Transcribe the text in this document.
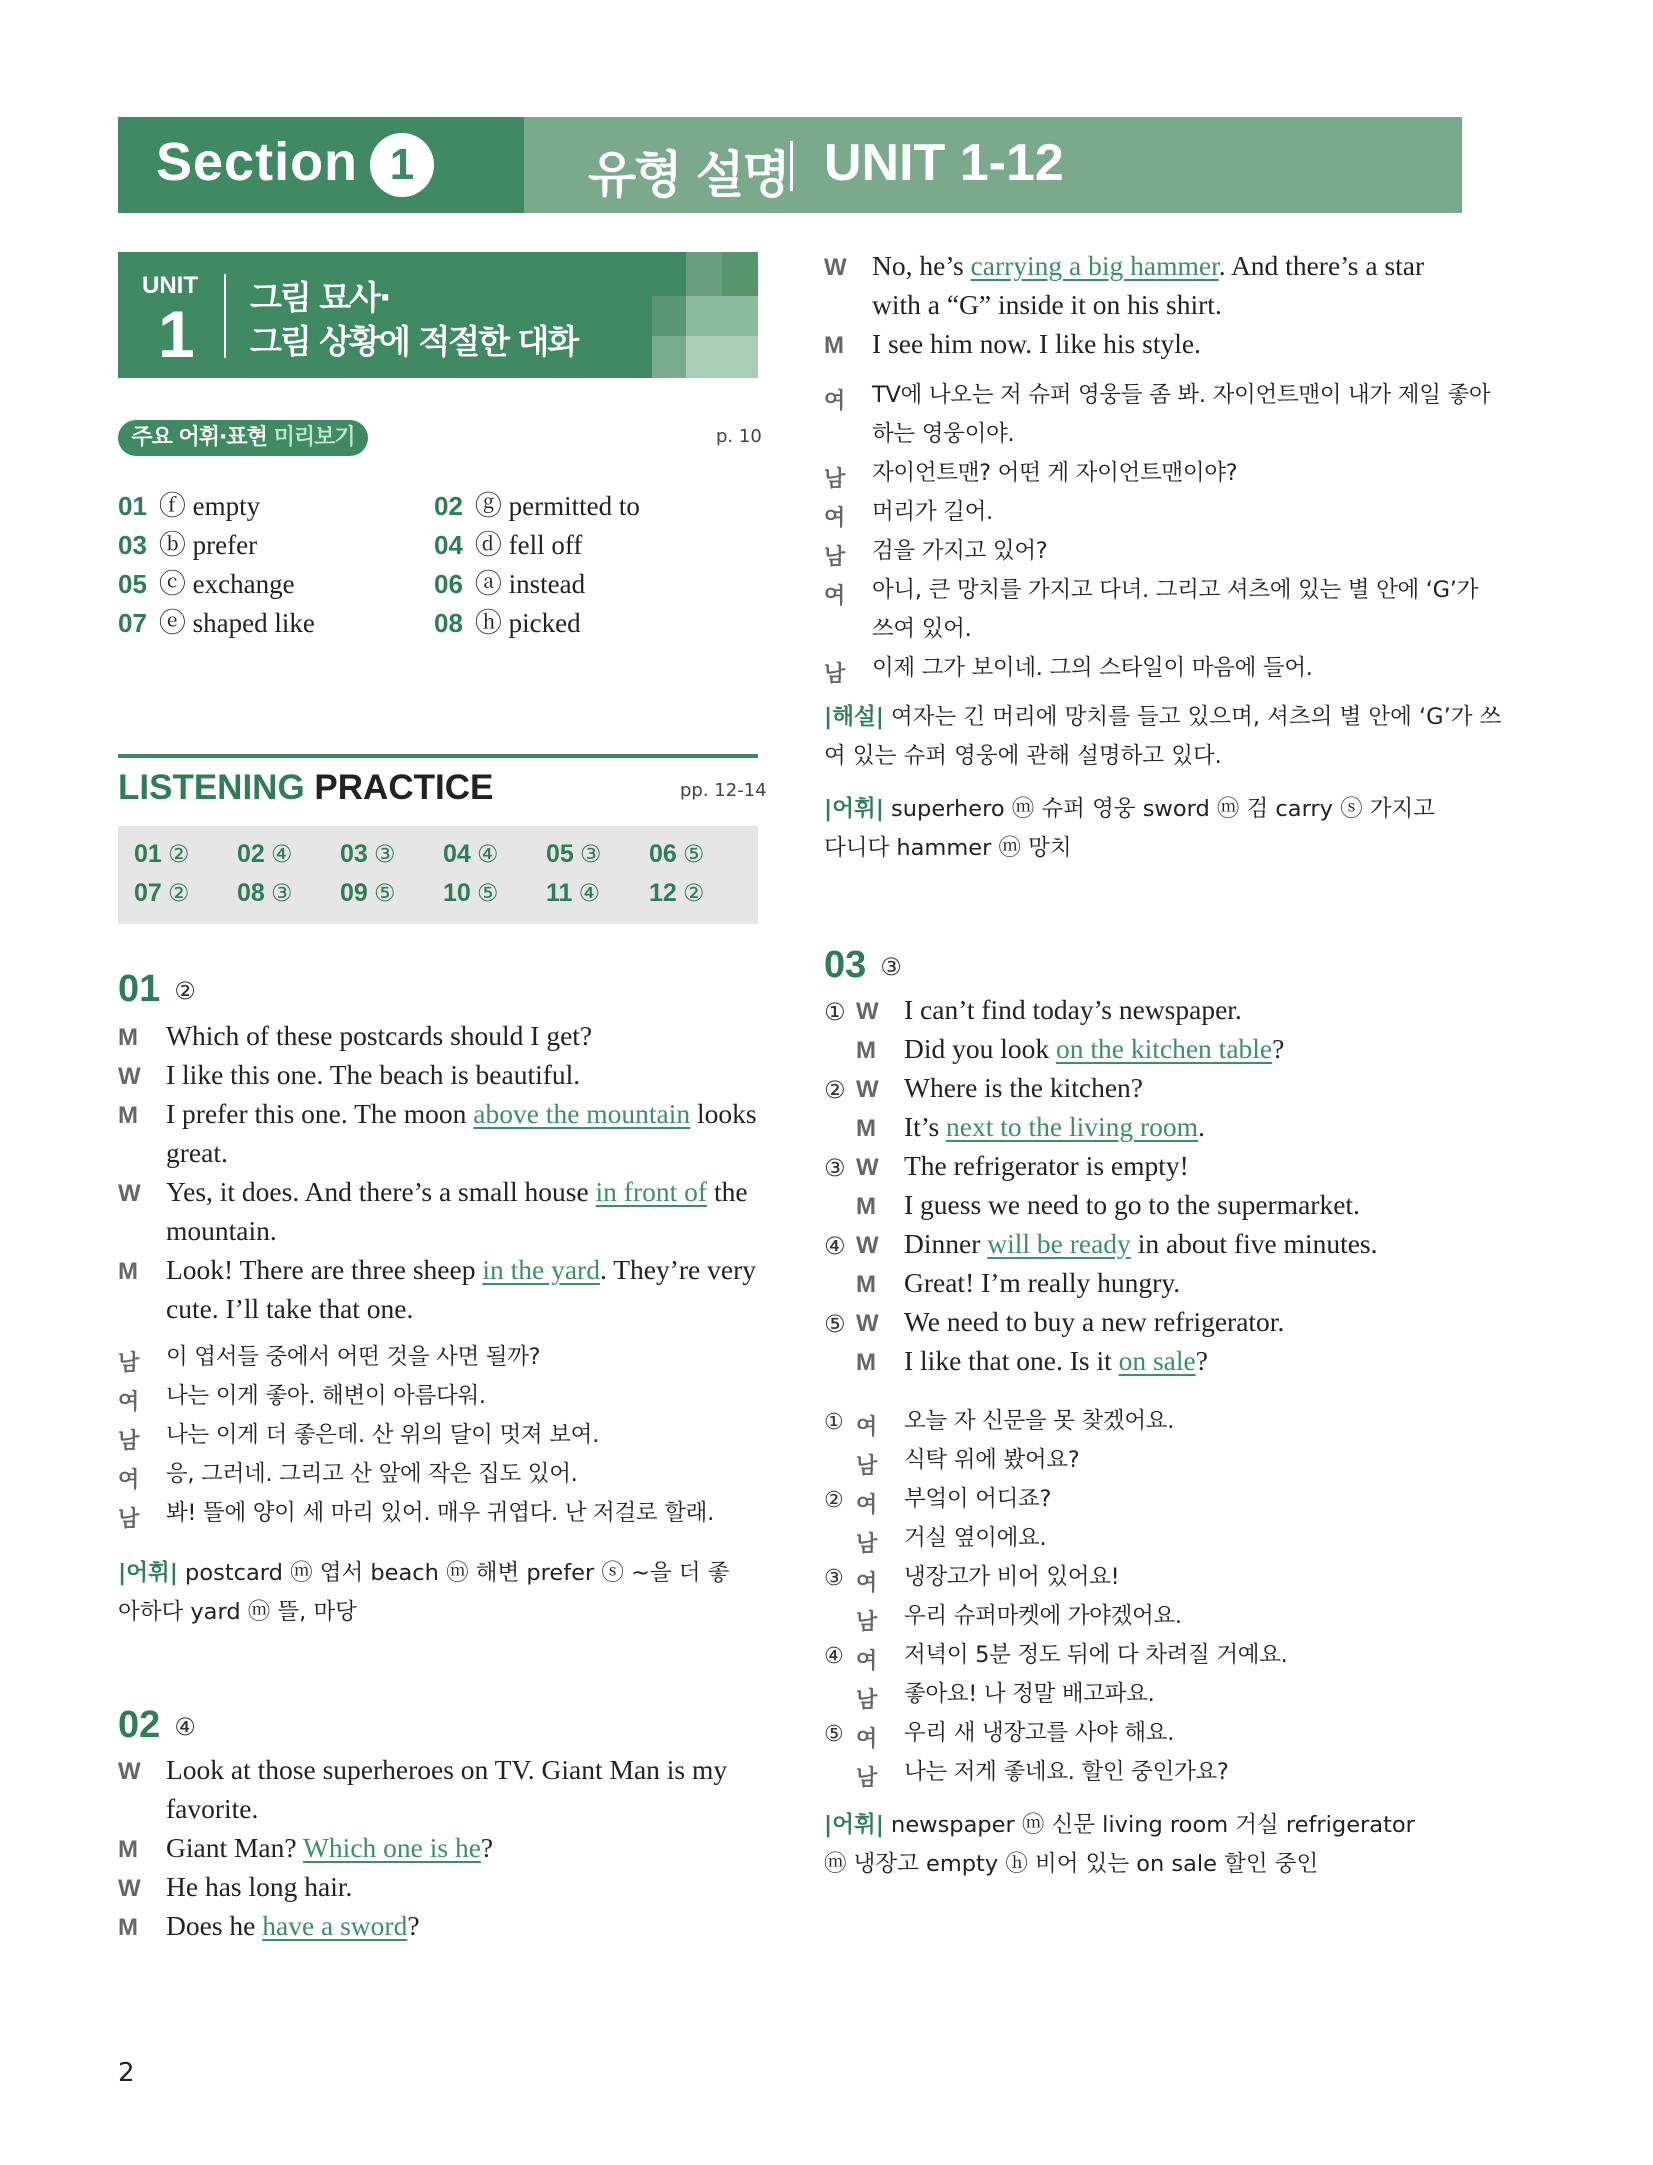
Section 1	유형 설명 UNIT 1-12
UNIT
1 그림 묘사·
그림 상황에 적절한 대화
주요 어휘·표현 미리보기	p. 10
01 ⓕ empty	02 ⓖ permitted to
03 ⓑ prefer	04 ⓓ fell off
05 ⓒ exchange	06 ⓐ instead
07 ⓔ shaped like	08 ⓗ picked
LISTENING PRACTICE	pp. 12-14
01 ② 02 ④ 03 ③ 04 ④ 05 ③ 06 ⑤
07 ② 08 ③ 09 ⑤ 10 ⑤ 11 ④ 12 ②
01 ②
M Which of these postcards should I get?
W I like this one. The beach is beautiful.
M I prefer this one. The moon above the mountain looks
great.
W Yes, it does. And there’s a small house in front of the
mountain.
M Look! There are three sheep in the yard. They’re very
cute. I’ll take that one.
남 이 엽서들 중에서 어떤 것을 사면 될까?
여 나는 이게 좋아. 해변이 아름다워.
남 나는 이게 더 좋은데. 산 위의 달이 멋져 보여.
여 응, 그러네. 그리고 산 앞에 작은 집도 있어.
남 봐! 뜰에 양이 세 마리 있어. 매우 귀엽다. 난 저걸로 할래.
|어휘| postcard ⓜ 엽서 beach ⓜ 해변 prefer ⓢ ~을 더 좋
아하다 yard ⓜ 뜰, 마당
02 ④
W Look at those superheroes on TV. Giant Man is my
favorite.
M Giant Man? Which one is he?
W He has long hair.
M Does he have a sword?
W No, he’s carrying a big hammer. And there’s a star
with a “G” inside it on his shirt.
M I see him now. I like his style.
여 TV에 나오는 저 슈퍼 영웅들 좀 봐. 자이언트맨이 내가 제일 좋아
하는 영웅이야.
남 자이언트맨? 어떤 게 자이언트맨이야?
여 머리가 길어.
남 검을 가지고 있어?
여 아니, 큰 망치를 가지고 다녀. 그리고 셔츠에 있는 별 안에 ‘G’가
쓰여 있어.
남 이제 그가 보이네. 그의 스타일이 마음에 들어.
|해설| 여자는 긴 머리에 망치를 들고 있으며, 셔츠의 별 안에 ‘G’가 쓰
여 있는 슈퍼 영웅에 관해 설명하고 있다.
|어휘| superhero ⓜ 슈퍼 영웅 sword ⓜ 검 carry ⓢ 가지고
다니다 hammer ⓜ 망치
03 ③
① W I can’t find today’s newspaper.
M Did you look on the kitchen table?
② W Where is the kitchen?
M It’s next to the living room.
③ W The refrigerator is empty!
M I guess we need to go to the supermarket.
④ W Dinner will be ready in about five minutes.
M Great! I’m really hungry.
⑤ W We need to buy a new refrigerator.
M I like that one. Is it on sale?
① 여 오늘 자 신문을 못 찾겠어요.
남 식탁 위에 봤어요?
② 여 부엌이 어디죠?
남 거실 옆이에요.
③ 여 냉장고가 비어 있어요!
남 우리 슈퍼마켓에 가야겠어요.
④ 여 저녁이 5분 정도 뒤에 다 차려질 거예요.
남 좋아요! 나 정말 배고파요.
⑤ 여 우리 새 냉장고를 사야 해요.
남 나는 저게 좋네요. 할인 중인가요?
|어휘| newspaper ⓜ 신문 living room 거실 refrigerator
ⓜ 냉장고 empty ⓗ 비어 있는 on sale 할인 중인
2
